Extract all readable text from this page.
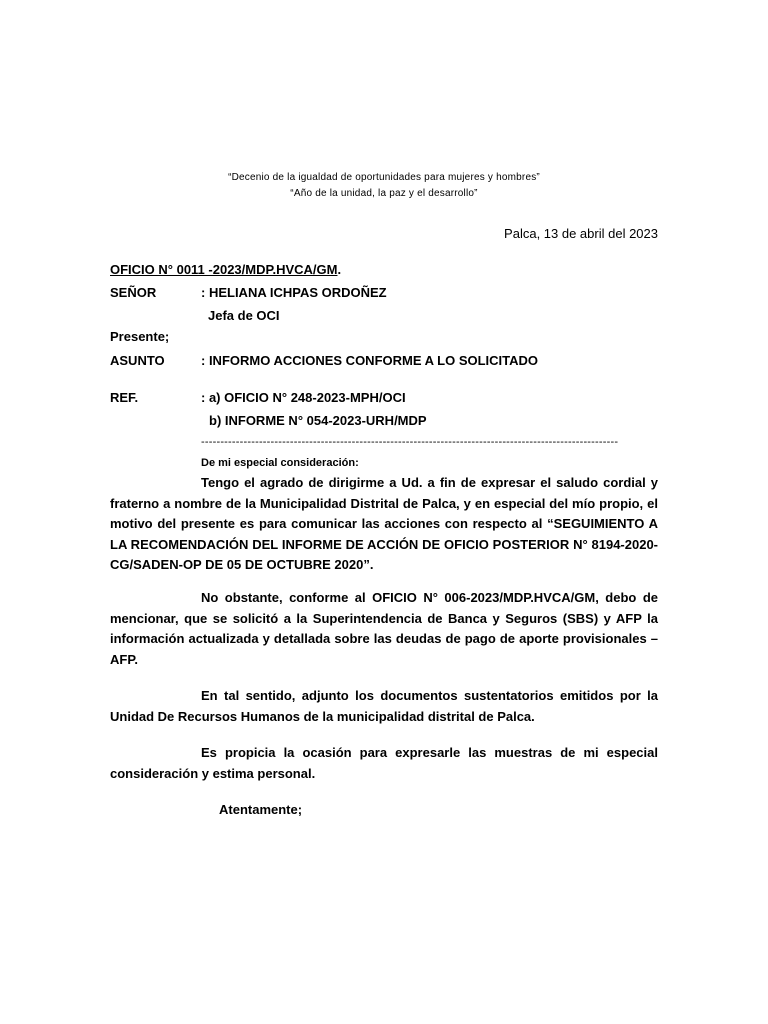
“Decenio de la igualdad de oportunidades para mujeres y hombres”
“Año de la unidad, la paz y el desarrollo”
Palca, 13 de abril del 2023
OFICIO N° 0011 -2023/MDP.HVCA/GM.
SEÑOR	: HELIANA ICHPAS ORDOÑEZ
Jefa de OCI
Presente;
ASUNTO	: INFORMO ACCIONES CONFORME A LO SOLICITADO
REF.	: a) OFICIO N° 248-2023-MPH/OCI
b) INFORME N° 054-2023-URH/MDP
------------------------------------------------------------------------------------------------------------
De mi especial consideración:

Tengo el agrado de dirigirme a Ud. a fin de expresar el saludo cordial y fraterno a nombre de la Municipalidad Distrital de Palca, y en especial del mío propio, el motivo del presente es para comunicar las acciones con respecto al “SEGUIMIENTO A LA RECOMENDACIÓN DEL INFORME DE ACCIÓN DE OFICIO POSTERIOR N° 8194-2020-CG/SADEN-OP DE 05 DE OCTUBRE 2020”.

No obstante, conforme al OFICIO N° 006-2023/MDP.HVCA/GM, debo de mencionar, que se solicitó a la Superintendencia de Banca y Seguros (SBS) y AFP la información actualizada y detallada sobre las deudas de pago de aporte provisionales – AFP.

En tal sentido, adjunto los documentos sustentatorios emitidos por la Unidad De Recursos Humanos de la municipalidad distrital de Palca.

Es propicia la ocasión para expresarle las muestras de mi especial consideración y estima personal.

Atentamente;
